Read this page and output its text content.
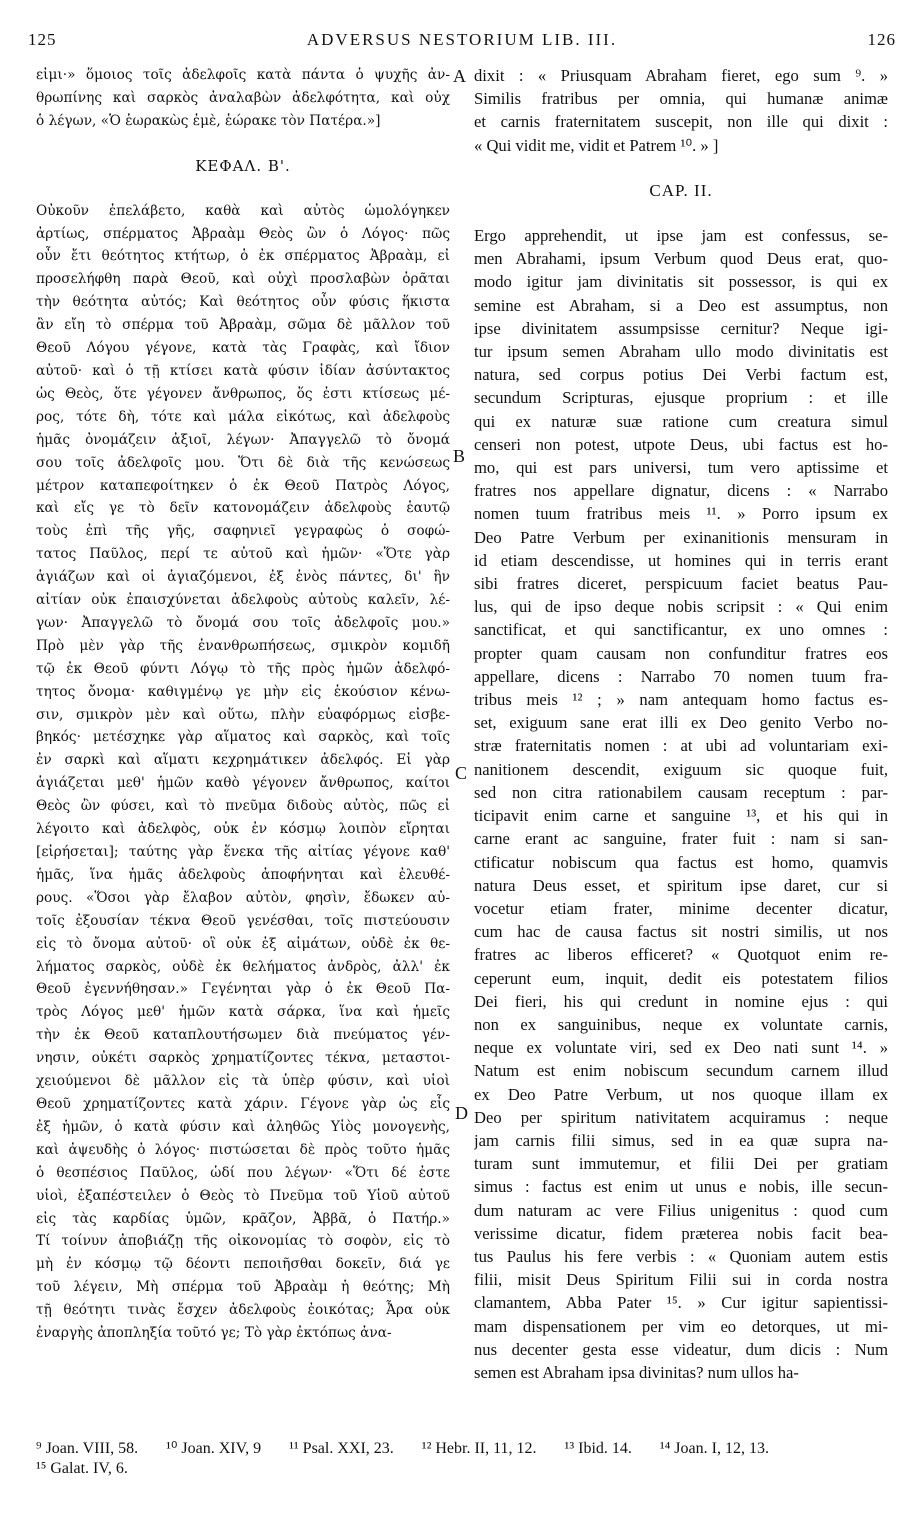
125	ADVERSUS NESTORIUM LIB. III.	126
εἰμι·» ὅμοιος τοῖς ἀδελφοῖς κατὰ πάντα ὁ ψυχῆς ἀν-
θρωπίνης καὶ σαρκὸς ἀναλαβὼν ἀδελφότητα, καὶ οὐχ
ὁ λέγων, «Ὁ ἑωρακὼς ἐμὲ, ἑώρακε τὸν Πατέρα.»]
ΚΕΦΑΛ. Β'.
Οὐκοῦν ἐπελάβετο, καθὰ καὶ αὐτὸς ὡμολόγηκεν
ἀρτίως, σπέρματος Ἀβραὰμ Θεὸς ὢν ὁ Λόγος· πῶς
οὖν ἔτι θεότητος κτήτωρ, ὁ ἐκ σπέρματος Ἀβραὰμ, εἰ
προσελήφθη παρὰ Θεοῦ, καὶ οὐχὶ προσλαβὼν ὁρᾶται
τὴν θεότητα αὐτός; Καὶ θεότητος οὖν φύσις ἥκιστα
ἂν εἴη τὸ σπέρμα τοῦ Ἀβραὰμ, σῶμα δὲ μᾶλλον τοῦ
Θεοῦ Λόγου γέγονε, κατὰ τὰς Γραφὰς, καὶ ἴδιον
αὐτοῦ· καὶ ὁ τῇ κτίσει κατὰ φύσιν ἰδίαν ἀσύντακτος
ὡς Θεὸς, ὅτε γέγονεν ἄνθρωπος, ὅς ἐστι κτίσεως μέ-
ρος, τότε δὴ, τότε καὶ μάλα εἰκότως, καὶ ἀδελφοὺς
ἡμᾶς ὀνομάζειν ἀξιοῖ, λέγων· Ἀπαγγελῶ τὸ ὄνομά
σου τοῖς ἀδελφοῖς μου. Ὅτι δὲ διὰ τῆς κενώσεως
μέτρον καταπεφοίτηκεν ὁ ἐκ Θεοῦ Πατρὸς Λόγος,
καὶ εἴς γε τὸ δεῖν κατονομάζειν ἀδελφοὺς ἑαυτῷ
τοὺς ἐπὶ τῆς γῆς, σαφηνιεῖ γεγραφὼς ὁ σοφώ-
τατος Παῦλος, περί τε αὐτοῦ καὶ ἡμῶν· «Ὅτε γὰρ
ἁγιάζων καὶ οἱ ἁγιαζόμενοι, ἐξ ἑνὸς πάντες, δι' ἣν
αἰτίαν οὐκ ἐπαισχύνεται ἀδελφοὺς αὐτοὺς καλεῖν, λέ-
γων· Ἀπαγγελῶ τὸ ὄνομά σου τοῖς ἀδελφοῖς μου.»
Πρὸ μὲν γὰρ τῆς ἐνανθρωπήσεως, σμικρὸν κομιδῆ
τῷ ἐκ Θεοῦ φύντι Λόγῳ τὸ τῆς πρὸς ἡμῶν ἀδελφό-
τητος ὄνομα· καθιγμένῳ γε μὴν εἰς ἑκούσιον κένω-
σιν, σμικρὸν μὲν καὶ οὕτω, πλὴν εὐαφόρμως εἰσβε-
βηκός· μετέσχηκε γὰρ αἵματος καὶ σαρκὸς, καὶ τοῖς
ἐν σαρκὶ καὶ αἵματι κεχρημάτικεν ἀδελφός. Εἰ γὰρ
ἁγιάζεται μεθ' ἡμῶν καθὸ γέγονεν ἄνθρωπος, καίτοι
Θεὸς ὢν φύσει, καὶ τὸ πνεῦμα διδοὺς αὐτὸς, πῶς εἰ
λέγοιτο καὶ ἀδελφὸς, οὐκ ἐν κόσμῳ λοιπὸν εἴρηται
[εἰρήσεται]; ταύτης γὰρ ἕνεκα τῆς αἰτίας γέγονε καθ'
ἡμᾶς, ἵνα ἡμᾶς ἀδελφοὺς ἀποφήνηται καὶ ἐλευθέ-
ρους. «Ὅσοι γὰρ ἔλαβον αὐτὸν, φησὶν, ἔδωκεν αὐ-
τοῖς ἐξουσίαν τέκνα Θεοῦ γενέσθαι, τοῖς πιστεύουσιν
εἰς τὸ ὄνομα αὐτοῦ· οἳ οὐκ ἐξ αἱμάτων, οὐδὲ ἐκ θε-
λήματος σαρκὸς, οὐδὲ ἐκ θελήματος ἀνδρὸς, ἀλλ' ἐκ
Θεοῦ ἐγεννήθησαν.» Γεγένηται γὰρ ὁ ἐκ Θεοῦ Πα-
τρὸς Λόγος μεθ' ἡμῶν κατὰ σάρκα, ἵνα καὶ ἡμεῖς
τὴν ἐκ Θεοῦ καταπλουτήσωμεν διὰ πνεύματος γέν-
νησιν, οὐκέτι σαρκὸς χρηματίζοντες τέκνα, μεταστοι-
χειούμενοι δὲ μᾶλλον εἰς τὰ ὑπὲρ φύσιν, καὶ υἱοὶ
Θεοῦ χρηματίζοντες κατὰ χάριν. Γέγονε γὰρ ὡς εἷς
ἐξ ἡμῶν, ὁ κατὰ φύσιν καὶ ἀληθῶς Υἱὸς μονογενὴς,
καὶ ἀψευδὴς ὁ λόγος· πιστώσεται δὲ πρὸς τοῦτο ἡμᾶς
ὁ θεσπέσιος Παῦλος, ὡδί που λέγων· «Ὅτι δέ ἐστε
υἱοὶ, ἐξαπέστειλεν ὁ Θεὸς τὸ Πνεῦμα τοῦ Υἱοῦ αὐτοῦ
εἰς τὰς καρδίας ὑμῶν, κρᾶζον, Ἀββᾶ, ὁ Πατήρ.»
Τί τοίνυν ἀποβιάζῃ τῆς οἰκονομίας τὸ σοφὸν, εἰς τὸ
μὴ ἐν κόσμῳ τῷ δέοντι πεποιῆσθαι δοκεῖν, διά γε
τοῦ λέγειν, Μὴ σπέρμα τοῦ Ἀβραὰμ ἡ θεότης; Μὴ
τῇ θεότητι τινὰς ἔσχεν ἀδελφοὺς ἐοικότας; Ἆρα οὐκ
ἐναργὴς ἀποπληξία τοῦτό γε; Τὸ γὰρ ἐκτόπως ἀνα-
dixit : « Priusquam Abraham fieret, ego sum ⁹. »
Similis fratribus per omnia, qui humanæ animæ
et carnis fraternitatem suscepit, non ille qui dixit :
« Qui vidit me, vidit et Patrem ¹⁰. » ]
CAP. II.
Ergo apprehendit, ut ipse jam est confessus, se-
men Abrahami, ipsum Verbum quod Deus erat, quo-
modo igitur jam divinitatis sit possessor, is qui ex
semine est Abraham, si a Deo est assumptus, non
ipse divinitatem assumpsisse cernitur? Neque igi-
tur ipsum semen Abraham ullo modo divinitatis est
natura, sed corpus potius Dei Verbi factum est,
secundum Scripturas, ejusque proprium : et ille
qui ex naturæ suæ ratione cum creatura simul
censeri non potest, utpote Deus, ubi factus est ho-
mo, qui est pars universi, tum vero aptissime et
fratres nos appellare dignatur, dicens : « Narrabo
nomen tuum fratribus meis ¹¹. » Porro ipsum ex
Deo Patre Verbum per exinanitionis mensuram in
id etiam descendisse, ut homines qui in terris erant
sibi fratres diceret, perspicuum faciet beatus Pau-
lus, qui de ipso deque nobis scripsit : « Qui enim
sanctificat, et qui sanctificantur, ex uno omnes :
propter quam causam non confunditur fratres eos
appellare, dicens : Narrabo 70 nomen tuum fra-
tribus meis ¹² ; » nam antequam homo factus es-
set, exiguum sane erat illi ex Deo genito Verbo no-
stræ fraternitatis nomen : at ubi ad voluntariam exi-
nanitionem descendit, exiguum sic quoque fuit,
sed non citra rationabilem causam receptum : par-
ticipavit enim carne et sanguine ¹³, et his qui in
carne erant ac sanguine, frater fuit : nam si san-
ctificatur nobiscum qua factus est homo, quamvis
natura Deus esset, et spiritum ipse daret, cur si
vocetur etiam frater, minime decenter dicatur,
cum hac de causa factus sit nostri similis, ut nos
fratres ac liberos efficeret? « Quotquot enim re-
ceperunt eum, inquit, dedit eis potestatem filios
Dei fieri, his qui credunt in nomine ejus : qui
non ex sanguinibus, neque ex voluntate carnis,
neque ex voluntate viri, sed ex Deo nati sunt ¹⁴. »
Natum est enim nobiscum secundum carnem illud
ex Deo Patre Verbum, ut nos quoque illam ex
Deo per spiritum nativitatem acquiramus : neque
jam carnis filii simus, sed in ea quæ supra na-
turam sunt immutemur, et filii Dei per gratiam
simus : factus est enim ut unus e nobis, ille secun-
dum naturam ac vere Filius unigenitus : quod cum
verissime dicatur, fidem præterea nobis facit bea-
tus Paulus his fere verbis : « Quoniam autem estis
filii, misit Deus Spiritum Filii sui in corda nostra
clamantem, Abba Pater ¹⁵. » Cur igitur sapientissi-
mam dispensationem per vim eo detorques, ut mi-
nus decenter gesta esse videatur, dum dicis : Num
semen est Abraham ipsa divinitas? num ullos ha-
A
B
C
D
⁹ Joan. VIII, 58. ¹⁰ Joan. XIV, 9 ¹¹ Psal. XXI, 23. ¹² Hebr. II, 11, 12. ¹³ Ibid. 14. ¹⁴ Joan. I, 12, 13.
¹⁵ Galat. IV, 6.
